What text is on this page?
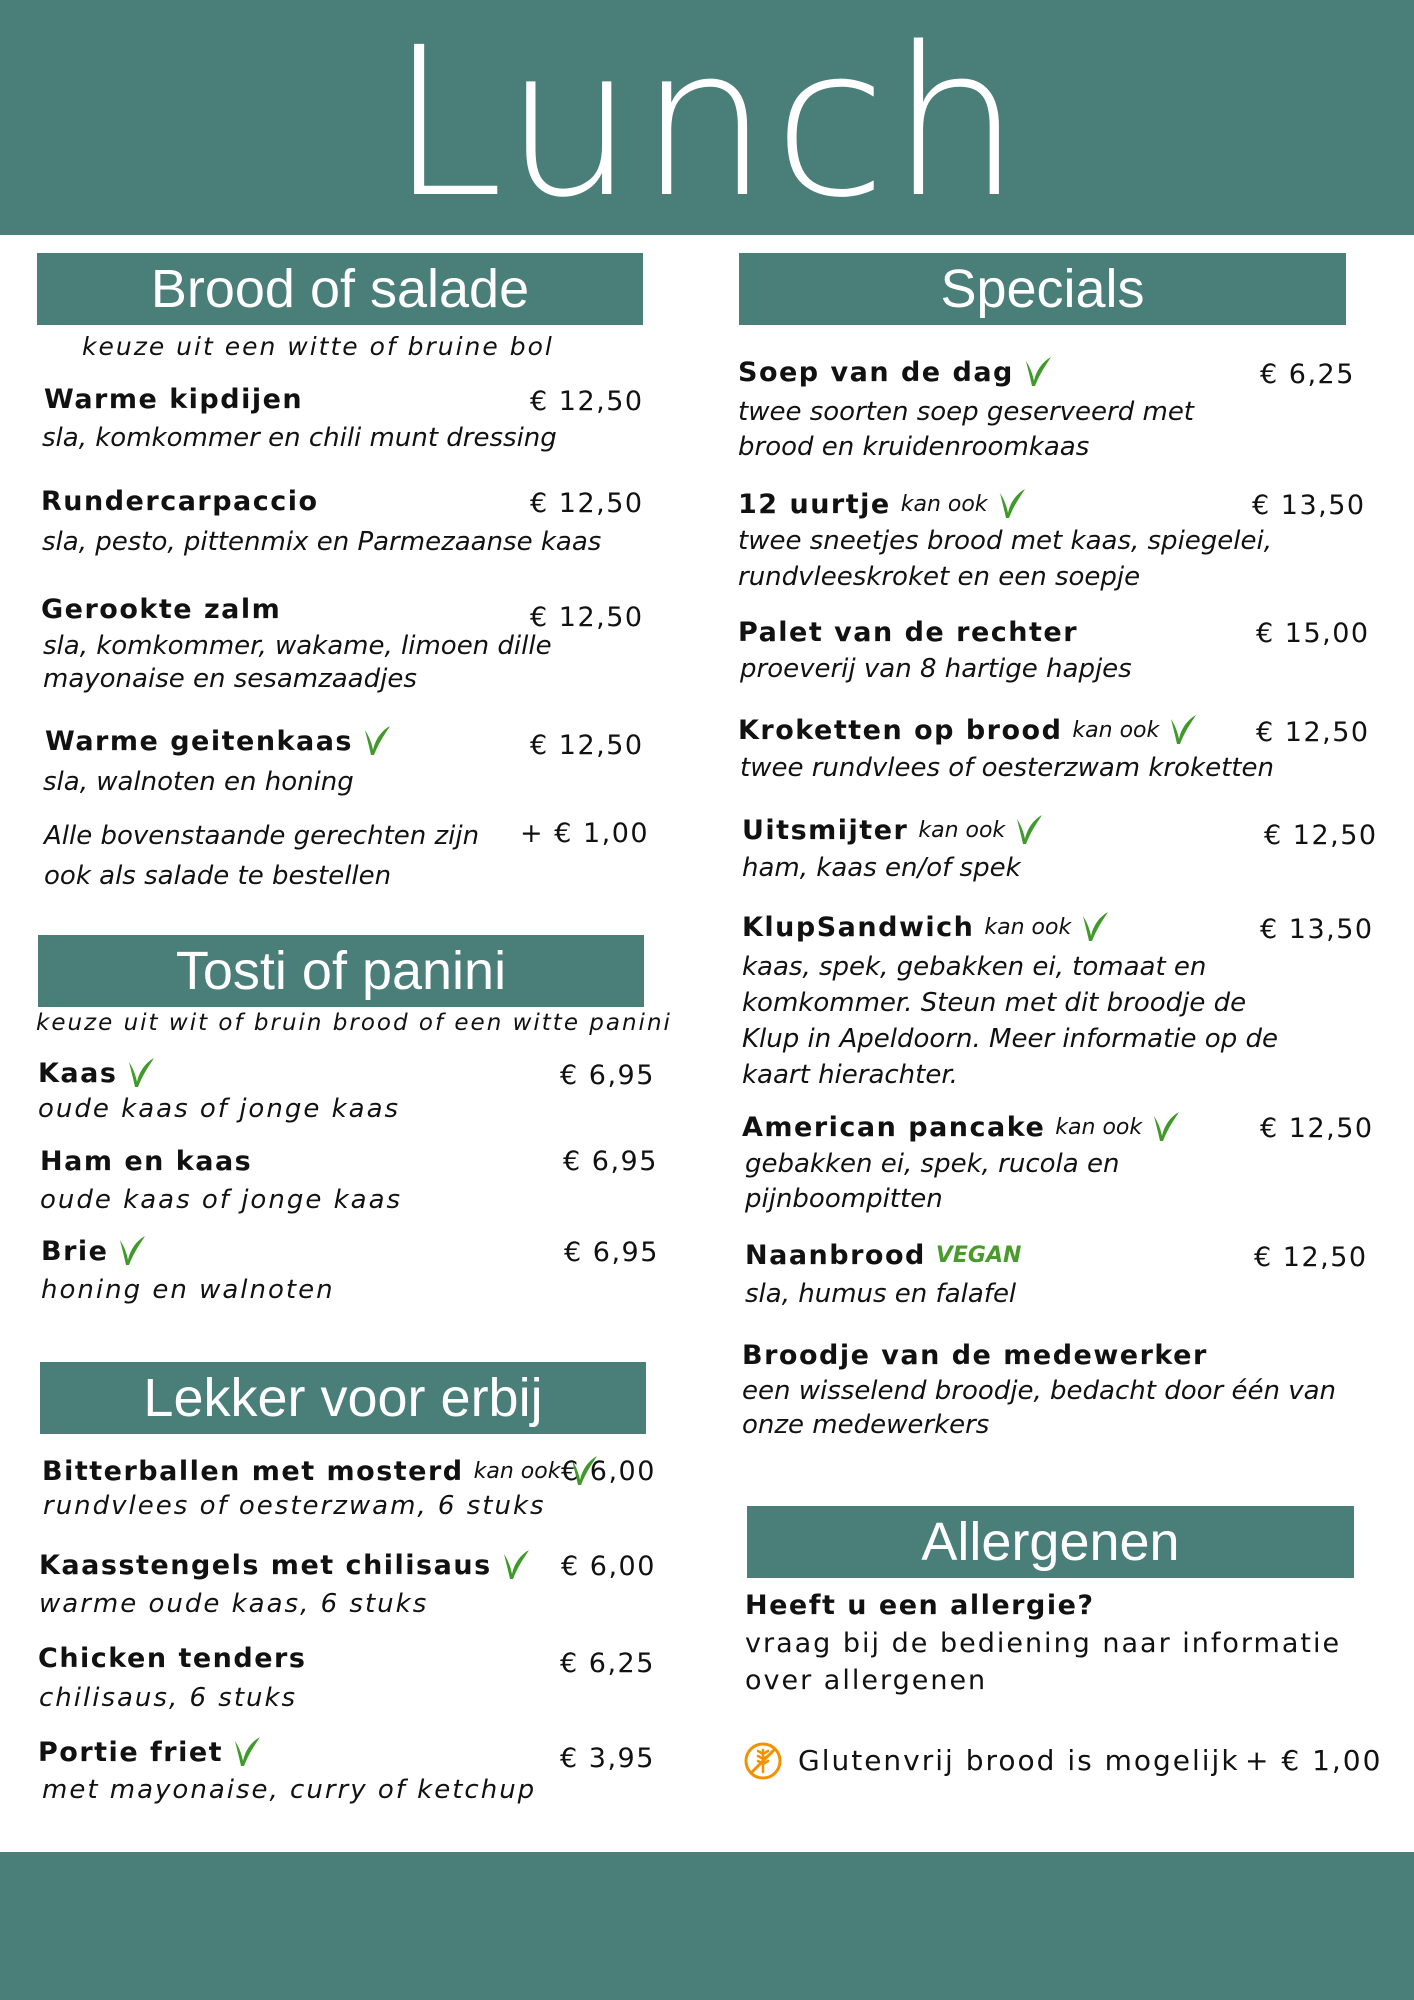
Lunch
Brood of salade
keuze uit een witte of bruine bol
Warme kipdijen	€ 12,50
sla, komkommer en chili munt dressing
Rundercarpaccio	€ 12,50
sla, pesto, pittenmix en Parmezaanse kaas
Gerookte zalm	€ 12,50
sla, komkommer, wakame, limoen dille
mayonaise en sesamzaadjes
Warme geitenkaas	€ 12,50
sla, walnoten en honing
Alle bovenstaande gerechten zijn + € 1,00
ook als salade te bestellen
Tosti of panini
keuze uit wit of bruin brood of een witte panini
Kaas	€ 6,95
oude kaas of jonge kaas
Ham en kaas	€ 6,95
oude kaas of jonge kaas
Brie	€ 6,95
honing en walnoten
Lekker voor erbij
Bitterballen met mosterd kan ook € 6,00
rundvlees of oesterzwam, 6 stuks
Kaasstengels met chilisaus	€ 6,00
warme oude kaas, 6 stuks
Chicken tenders	€ 6,25
chilisaus, 6 stuks
Portie friet	€ 3,95
met mayonaise, curry of ketchup
Specials
Soep van de dag	€ 6,25
twee soorten soep geserveerd met
brood en kruidenroomkaas
12 uurtje kan ook	€ 13,50
twee sneetjes brood met kaas, spiegelei,
rundvleeskroket en een soepje
Palet van de rechter	€ 15,00
proeverij van 8 hartige hapjes
Kroketten op brood kan ook	€ 12,50
twee rundvlees of oesterzwam kroketten
Uitsmijter kan ook	€ 12,50
ham, kaas en/of spek
KlupSandwich kan ook	€ 13,50
kaas, spek, gebakken ei, tomaat en
komkommer. Steun met dit broodje de
Klup in Apeldoorn. Meer informatie op de
kaart hierachter.
American pancake kan ook	€ 12,50
gebakken ei, spek, rucola en
pijnboompitten
Naanbrood VEGAN	€ 12,50
sla, humus en falafel
Broodje van de medewerker
een wisselend broodje, bedacht door één van
onze medewerkers
Allergenen
Heeft u een allergie?
vraag bij de bediening naar informatie
over allergenen
Glutenvrij brood is mogelijk + € 1,00
